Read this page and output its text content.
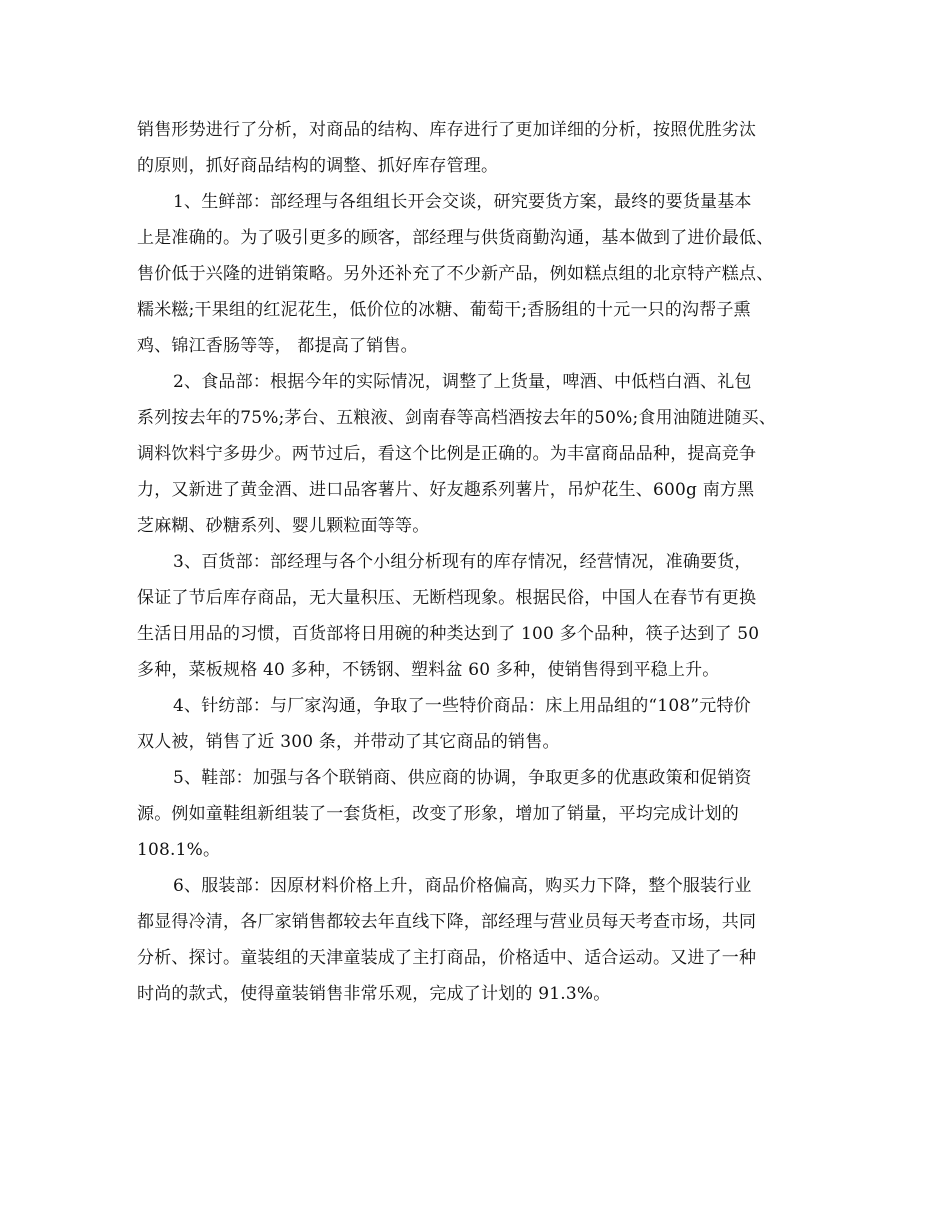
销售形势进行了分析，对商品的结构、库存进行了更加详细的分析，按照优胜劣汰
的原则，抓好商品结构的调整、抓好库存管理。
1、生鲜部：部经理与各组组长开会交谈，研究要货方案，最终的要货量基本
上是准确的。为了吸引更多的顾客，部经理与供货商勤沟通，基本做到了进价最低、
售价低于兴隆的进销策略。另外还补充了不少新产品，例如糕点组的北京特产糕点、
糯米糍;干果组的红泥花生，低价位的冰糖、葡萄干;香肠组的十元一只的沟帮子熏
鸡、锦江香肠等等， 都提高了销售。
2、食品部：根据今年的实际情况，调整了上货量，啤酒、中低档白酒、礼包
系列按去年的75%;茅台、五粮液、剑南春等高档酒按去年的50%;食用油随进随买、
调料饮料宁多毋少。两节过后，看这个比例是正确的。为丰富商品品种，提高竞争
力，又新进了黄金酒、进口品客薯片、好友趣系列薯片，吊炉花生、600g 南方黑
芝麻糊、砂糖系列、婴儿颗粒面等等。
3、百货部：部经理与各个小组分析现有的库存情况，经营情况，准确要货，
保证了节后库存商品，无大量积压、无断档现象。根据民俗，中国人在春节有更换
生活日用品的习惯，百货部将日用碗的种类达到了 100 多个品种，筷子达到了 50
多种，菜板规格 40 多种，不锈钢、塑料盆 60 多种，使销售得到平稳上升。
4、针纺部：与厂家沟通，争取了一些特价商品：床上用品组的“108”元特价
双人被，销售了近 300 条，并带动了其它商品的销售。
5、鞋部：加强与各个联销商、供应商的协调，争取更多的优惠政策和促销资
源。例如童鞋组新组装了一套货柜，改变了形象，增加了销量，平均完成计划的
108.1%。
6、服装部：因原材料价格上升，商品价格偏高，购买力下降，整个服装行业
都显得冷清，各厂家销售都较去年直线下降，部经理与营业员每天考查市场，共同
分析、探讨。童装组的天津童装成了主打商品，价格适中、适合运动。又进了一种
时尚的款式，使得童装销售非常乐观，完成了计划的 91.3%。
